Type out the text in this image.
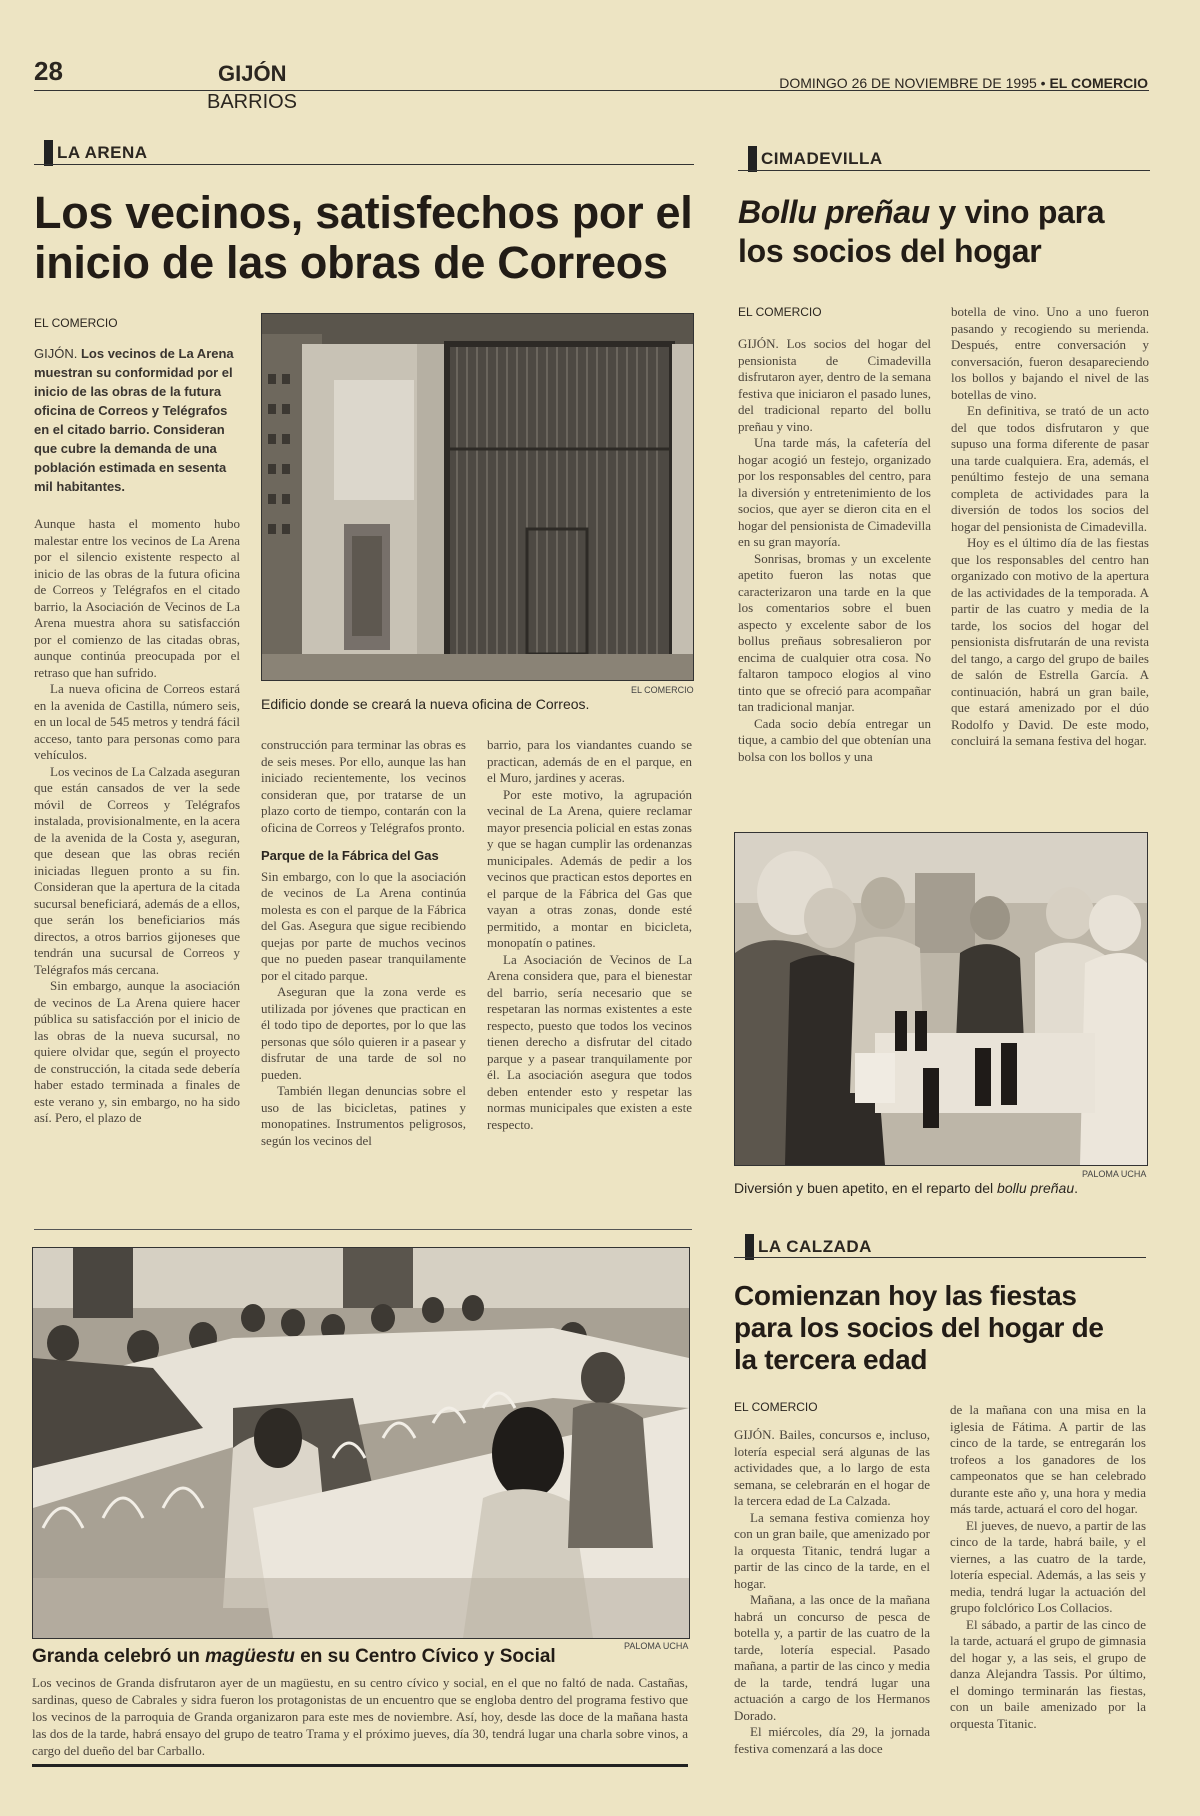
28	GIJÓN
BARRIOS
DOMINGO 26 DE NOVIEMBRE DE 1995 • EL COMERCIO
LA ARENA
Los vecinos, satisfechos por el
inicio de las obras de Correos
EL COMERCIO
GIJÓN. Los vecinos de La Arena muestran su conformidad por el inicio de las obras de la futura oficina de Correos y Telégrafos en el citado barrio. Consideran que cubre la demanda de una población estimada en sesenta mil habitantes.

Aunque hasta el momento hubo malestar entre los vecinos de La Arena por el silencio existente respecto al inicio de las obras de la futura oficina de Correos y Telégrafos en el citado barrio, la Asociación de Vecinos de La Arena muestra ahora su satisfacción por el comienzo de las citadas obras, aunque continúa preocupada por el retraso que han sufrido.

La nueva oficina de Correos estará en la avenida de Castilla, número seis, en un local de 545 metros y tendrá fácil acceso, tanto para personas como para vehículos.

Los vecinos de La Calzada aseguran que están cansados de ver la sede móvil de Correos y Telégrafos instalada, provisionalmente, en la acera de la avenida de la Costa y, aseguran, que desean que las obras recién iniciadas lleguen pronto a su fin. Consideran que la apertura de la citada sucursal beneficiará, además de a ellos, que serán los beneficiarios más directos, a otros barrios gijoneses que tendrán una sucursal de Correos y Telégrafos más cercana.

Sin embargo, aunque la asociación de vecinos de La Arena quiere hacer pública su satisfacción por el inicio de las obras de la nueva sucursal, no quiere olvidar que, según el proyecto de construcción, la citada sede debería haber estado terminada a finales de este verano y, sin embargo, no ha sido así. Pero, el plazo de

EL COMERCIO
Edificio donde se creará la nueva oficina de Correos.

construcción para terminar las obras es de seis meses. Por ello, aunque las han iniciado recientemente, los vecinos consideran que, por tratarse de un plazo corto de tiempo, contarán con la oficina de Correos y Telégrafos pronto.

Parque de la Fábrica del Gas

Sin embargo, con lo que la asociación de vecinos de La Arena continúa molesta es con el parque de la Fábrica del Gas. Asegura que sigue recibiendo quejas por parte de muchos vecinos que no pueden pasear tranquilamente por el citado parque.

Aseguran que la zona verde es utilizada por jóvenes que practican en él todo tipo de deportes, por lo que las personas que sólo quieren ir a pasear y disfrutar de una tarde de sol no pueden.

También llegan denuncias sobre el uso de las bicicletas, patines y monopatines. Instrumentos peligrosos, según los vecinos del

barrio, para los viandantes cuando se practican, además de en el parque, en el Muro, jardines y aceras.

Por este motivo, la agrupación vecinal de La Arena, quiere reclamar mayor presencia policial en estas zonas y que se hagan cumplir las ordenanzas municipales. Además de pedir a los vecinos que practican estos deportes en el parque de la Fábrica del Gas que vayan a otras zonas, donde esté permitido, a montar en bicicleta, monopatín o patines.

La Asociación de Vecinos de La Arena considera que, para el bienestar del barrio, sería necesario que se respetaran las normas existentes a este respecto, puesto que todos los vecinos tienen derecho a disfrutar del citado parque y a pasear tranquilamente por él. La asociación asegura que todos deben entender esto y respetar las normas municipales que existen a este respecto.

CIMADEVILLA
Bollu preñau y vino para
los socios del hogar
EL COMERCIO

GIJÓN. Los socios del hogar del pensionista de Cimadevilla disfrutaron ayer, dentro de la semana festiva que iniciaron el pasado lunes, del tradicional reparto del bollu preñau y vino.

Una tarde más, la cafetería del hogar acogió un festejo, organizado por los responsables del centro, para la diversión y entretenimiento de los socios, que ayer se dieron cita en el hogar del pensionista de Cimadevilla en su gran mayoría.

Sonrisas, bromas y un excelente apetito fueron las notas que caracterizaron una tarde en la que los comentarios sobre el buen aspecto y excelente sabor de los bollus preñaus sobresalieron por encima de cualquier otra cosa. No faltaron tampoco elogios al vino tinto que se ofreció para acompañar tan tradicional manjar.

Cada socio debía entregar un tique, a cambio del que obtenían una bolsa con los bollos y una

botella de vino. Uno a uno fueron pasando y recogiendo su merienda. Después, entre conversación y conversación, fueron desapareciendo los bollos y bajando el nivel de las botellas de vino.

En definitiva, se trató de un acto del que todos disfrutaron y que supuso una forma diferente de pasar una tarde cualquiera. Era, además, el penúltimo festejo de una semana completa de actividades para la diversión de todos los socios del hogar del pensionista de Cimadevilla.

Hoy es el último día de las fiestas que los responsables del centro han organizado con motivo de la apertura de las actividades de la temporada. A partir de las cuatro y media de la tarde, los socios del hogar del pensionista disfrutarán de una revista del tango, a cargo del grupo de bailes de salón de Estrella García. A continuación, habrá un gran baile, que estará amenizado por el dúo Rodolfo y David. De este modo, concluirá la semana festiva del hogar.

PALOMA UCHA
Diversión y buen apetito, en el reparto del bollu preñau.
LA CALZADA
Comienzan hoy las fiestas
para los socios del hogar de
la tercera edad
EL COMERCIO

GIJÓN. Bailes, concursos e, incluso, lotería especial será algunas de las actividades que, a lo largo de esta semana, se celebrarán en el hogar de la tercera edad de La Calzada.

La semana festiva comienza hoy con un gran baile, que amenizado por la orquesta Titanic, tendrá lugar a partir de las cinco de la tarde, en el hogar.

Mañana, a las once de la mañana habrá un concurso de pesca de botella y, a partir de las cuatro de la tarde, lotería especial. Pasado mañana, a partir de las cinco y media de la tarde, tendrá lugar una actuación a cargo de los Hermanos Dorado.

El miércoles, día 29, la jornada festiva comenzará a las doce

de la mañana con una misa en la iglesia de Fátima. A partir de las cinco de la tarde, se entregarán los trofeos a los ganadores de los campeonatos que se han celebrado durante este año y, una hora y media más tarde, actuará el coro del hogar.

El jueves, de nuevo, a partir de las cinco de la tarde, habrá baile, y el viernes, a las cuatro de la tarde, lotería especial. Además, a las seis y media, tendrá lugar la actuación del grupo folclórico Los Collacios.

El sábado, a partir de las cinco de la tarde, actuará el grupo de gimnasia del hogar y, a las seis, el grupo de danza Alejandra Tassis. Por último, el domingo terminarán las fiestas, con un baile amenizado por la orquesta Titanic.

PALOMA UCHA
Granda celebró un magüestu en su Centro Cívico y Social

Los vecinos de Granda disfrutaron ayer de un magüestu, en su centro cívico y social, en el que no faltó de nada. Castañas, sardinas, queso de Cabrales y sidra fueron los protagonistas de un encuentro que se engloba dentro del programa festivo que los vecinos de la parroquia de Granda organizaron para este mes de noviembre. Así, hoy, desde las doce de la mañana hasta las dos de la tarde, habrá ensayo del grupo de teatro Trama y el próximo jueves, día 30, tendrá lugar una charla sobre vinos, a cargo del dueño del bar Carballo.
